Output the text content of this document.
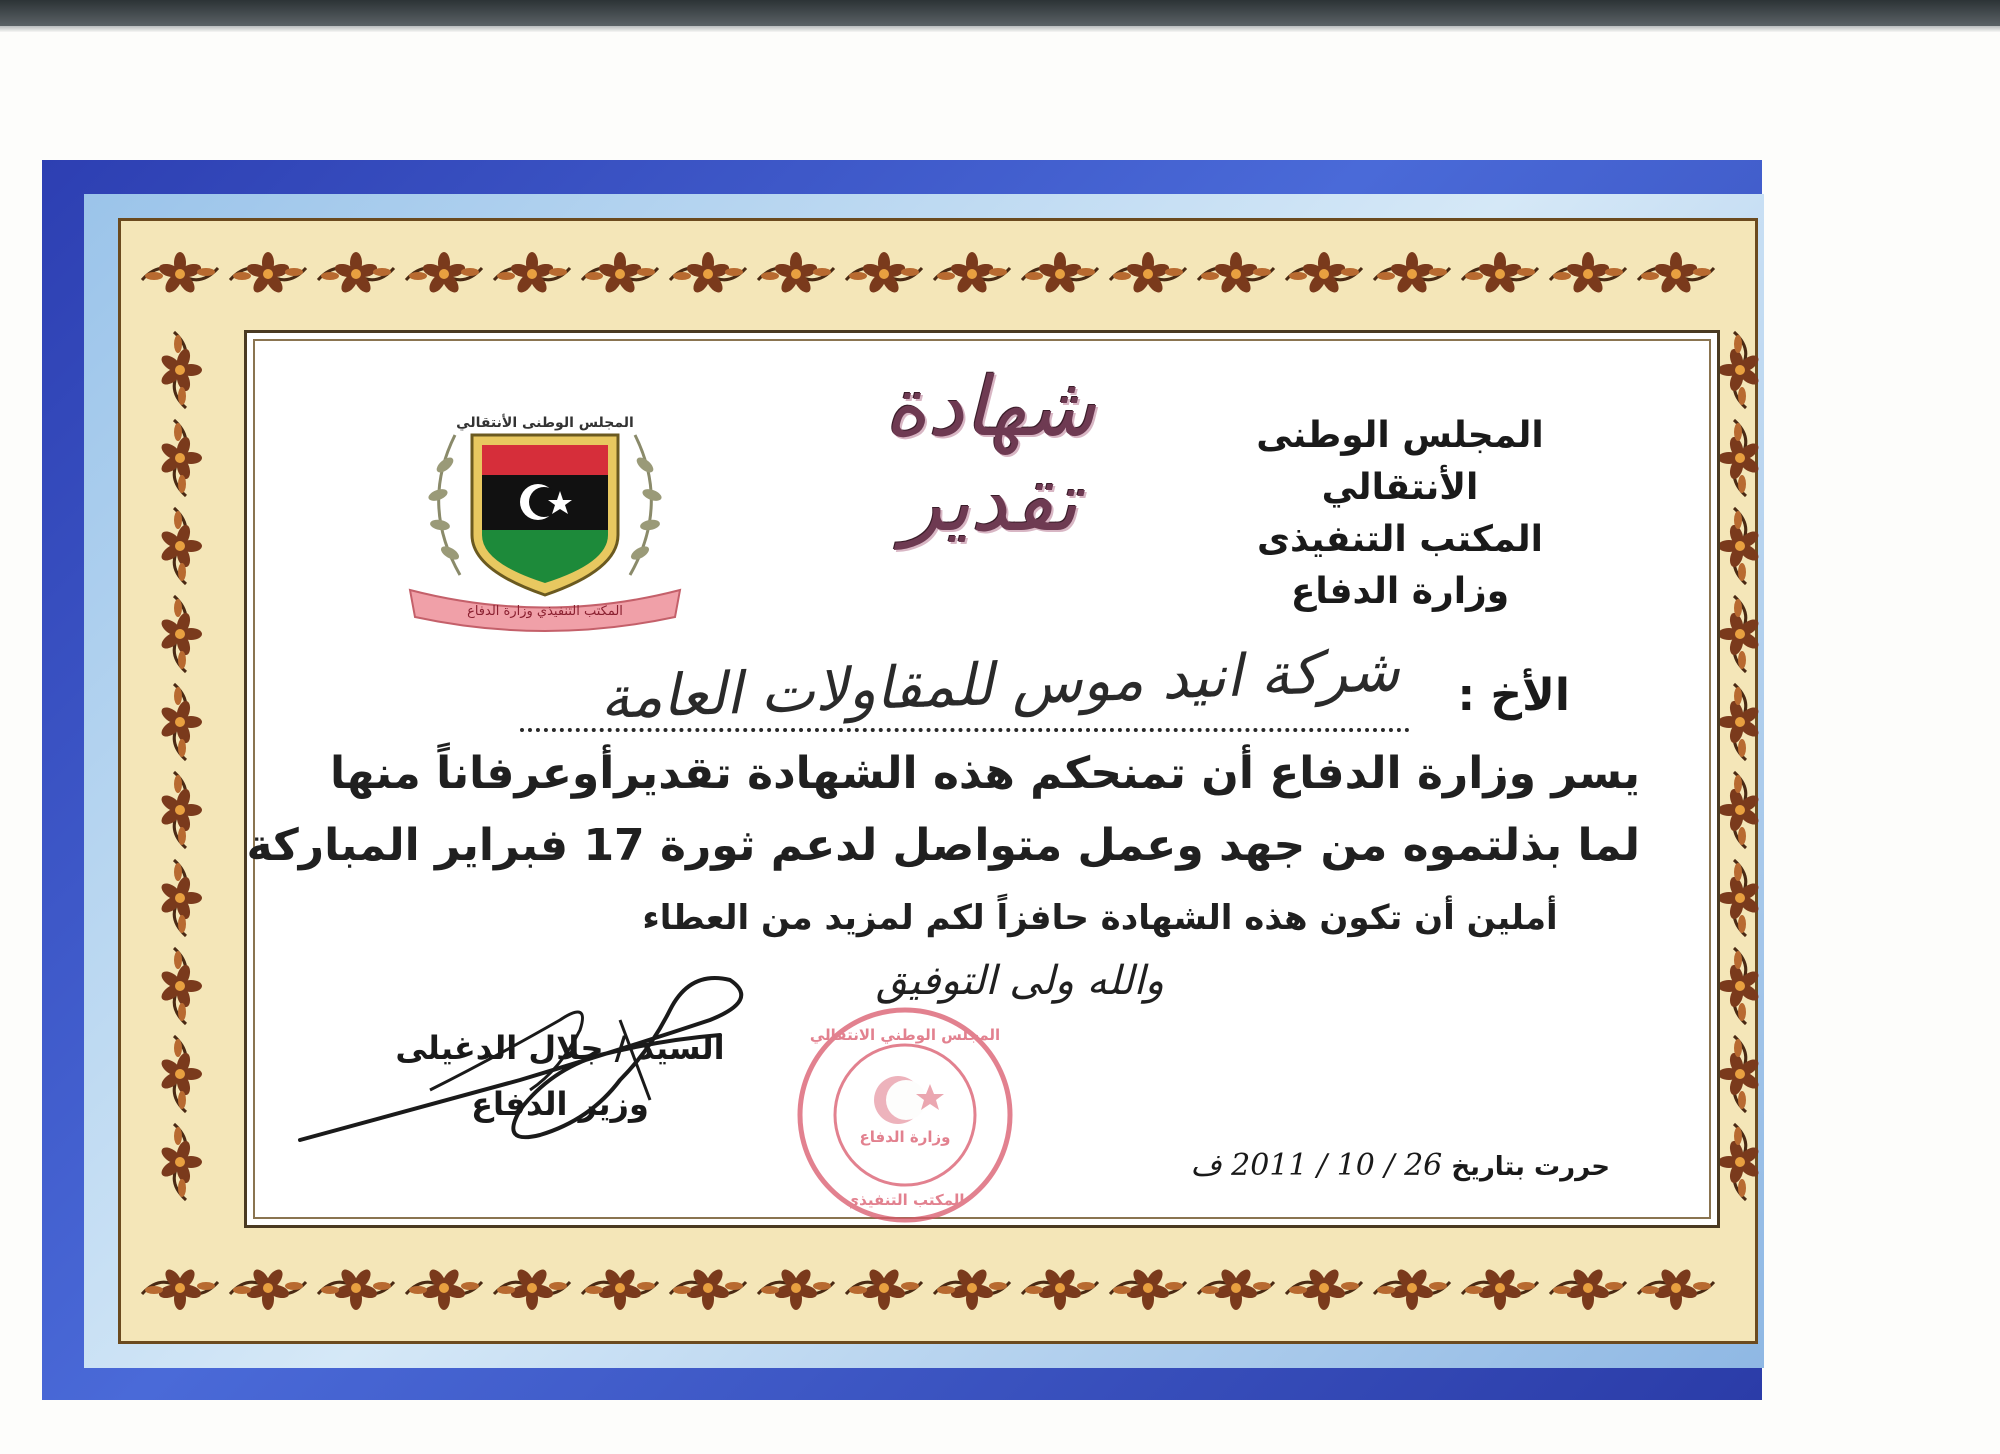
المجلس الوطنى الأنتقالي
المكتب التنفيذي وزارة الدفاع
شهادة تقدير
المجلس الوطنى الأنتقالي
المكتب التنفيذى
وزارة الدفاع
الأخ :
شركة انيد موس للمقاولات العامة
يسر وزارة الدفاع أن تمنحكم هذه الشهادة تقديرأوعرفاناً منها
لما بذلتموه من جهد وعمل متواصل لدعم ثورة 17 فبراير المباركة
أملين أن تكون هذه الشهادة حافزاً لكم لمزيد من العطاء
والله ولى التوفيق
السيد / جلال الدغيلى
وزير الدفاع
المجلس الوطني الانتقالي
وزارة الدفاع
المكتب التنفيذي
حررت بتاريخ 26 / 10 / 2011 ف
